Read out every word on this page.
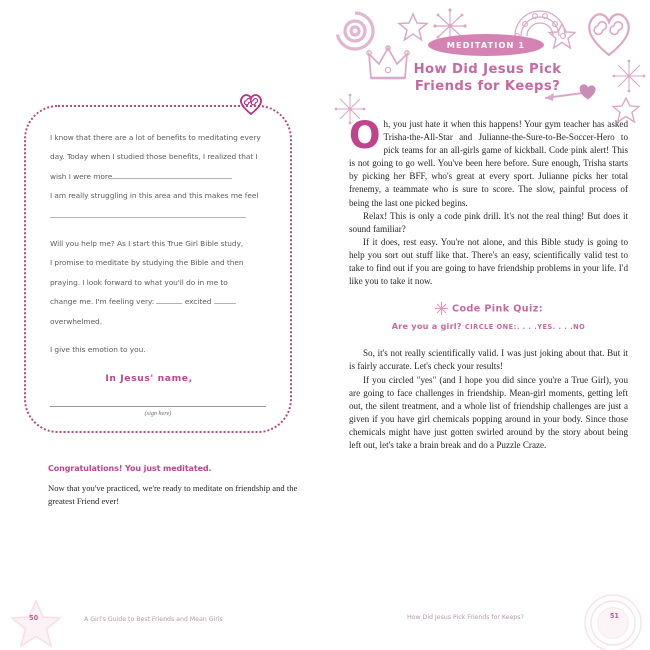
I know that there are a lot of benefits to meditating every
day. Today when I studied those benefits, I realized that I
wish I were more
I am really struggling in this area and this makes me feel
Will you help me? As I start this True Girl Bible study,
I promise to meditate by studying the Bible and then
praying. I look forward to what you'll do in me to
change me. I'm feeling very:	excited
overwhelmed.
I give this emotion to you.
In Jesus' name,
(sign here)
Congratulations! You just meditated.
Now that you've practiced, we're ready to meditate on friendship and the greatest Friend ever!
50	A Girl's Guide to Best Friends and Mean Girls
MEDITATION 1
How Did Jesus Pick
Friends for Keeps?
O h, you just hate it when this happens! Your gym teacher has asked Trisha-the-All-Star and Julianne-the-Sure-to-Be-Soccer-Hero to pick teams for an all-girls game of kickball. Code pink alert! This is not going to go well. You've been here before. Sure enough, Trisha starts by picking her BFF, who's great at every sport. Julianne picks her total frenemy, a teammate who is sure to score. The slow, painful process of being the last one picked begins.

Relax! This is only a code pink drill. It's not the real thing! But does it sound familiar?

If it does, rest easy. You're not alone, and this Bible study is going to help you sort out stuff like that. There's an easy, scientifically valid test to take to find out if you are going to have friendship problems in your life. I'd like you to take it now.

Code Pink Quiz:
Are you a girl? CIRCLE ONE:. . . .YES. . . .NO

So, it's not really scientifically valid. I was just joking about that. But it is fairly accurate. Let's check your results!

If you circled "yes" (and I hope you did since you're a True Girl), you are going to face challenges in friendship. Mean-girl moments, getting left out, the silent treatment, and a whole list of friendship challenges are just a given if you have girl chemicals popping around in your body. Since those chemicals might have just gotten swirled around by the story about being left out, let's take a brain break and do a Puzzle Craze.

51
How Did Jesus Pick Friends for Keeps?
